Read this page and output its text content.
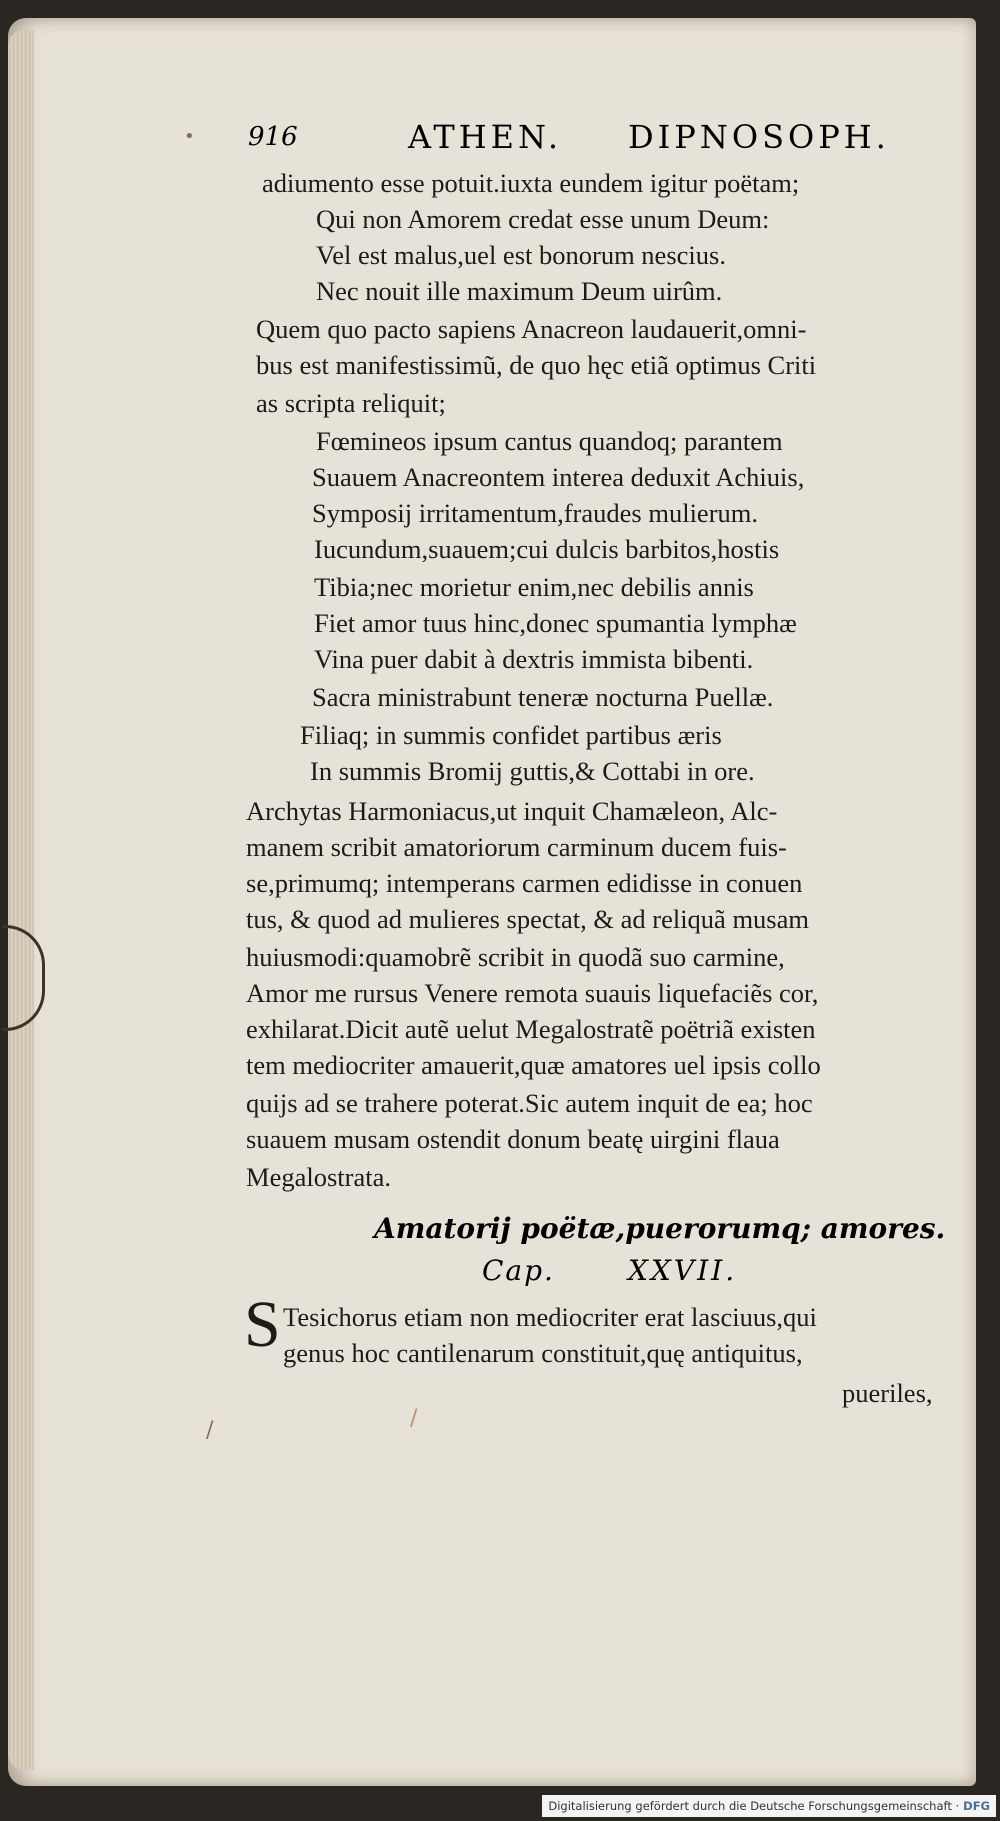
916	ATHEN. DIPNOSOPH.
adiumento esse potuit.iuxta eundem igitur poëtam;
Qui non Amorem credat esse unum Deum:
Vel est malus,uel est bonorum nescius.
Nec nouit ille maximum Deum uirûm.
Quem quo pacto sapiens Anacreon laudauerit,omni-
bus est manifestissimũ, de quo hęc etiã optimus Criti
as scripta reliquit;
Fœmineos ipsum cantus quandoq; parantem
Suauem Anacreontem interea deduxit Achiuis,
Symposij irritamentum,fraudes mulierum.
Iucundum,suauem;cui dulcis barbitos,hostis
Tibia;nec morietur enim,nec debilis annis
Fiet amor tuus hinc,donec spumantia lymphæ
Vina puer dabit à dextris immista bibenti.
Sacra ministrabunt teneræ nocturna Puellæ.
Filiaq; in summis confidet partibus æris
In summis Bromij guttis,& Cottabi in ore.
Archytas Harmoniacus,ut inquit Chamæleon, Alc-
manem scribit amatoriorum carminum ducem fuis-
se,primumq; intemperans carmen edidisse in conuen
tus, & quod ad mulieres spectat, & ad reliquã musam
huiusmodi:quamobrẽ scribit in quodã suo carmine,
Amor me rursus Venere remota suauis liquefaciẽs cor,
exhilarat.Dicit autẽ uelut Megalostratẽ poëtriã existen
tem mediocriter amauerit,quæ amatores uel ipsis collo
quijs ad se trahere poterat.Sic autem inquit de ea; hoc
suauem musam ostendit donum beatę uirgini flaua
Megalostrata.
Amatorij poëtæ,puerorumq; amores.
Cap.	XXVII.
S Tesichorus etiam non mediocriter erat lasciuus,qui
genus hoc cantilenarum constituit,quę antiquitus,
pueriles,
•
/	/
Digitalisierung gefördert durch die Deutsche Forschungsgemeinschaft · DFG
